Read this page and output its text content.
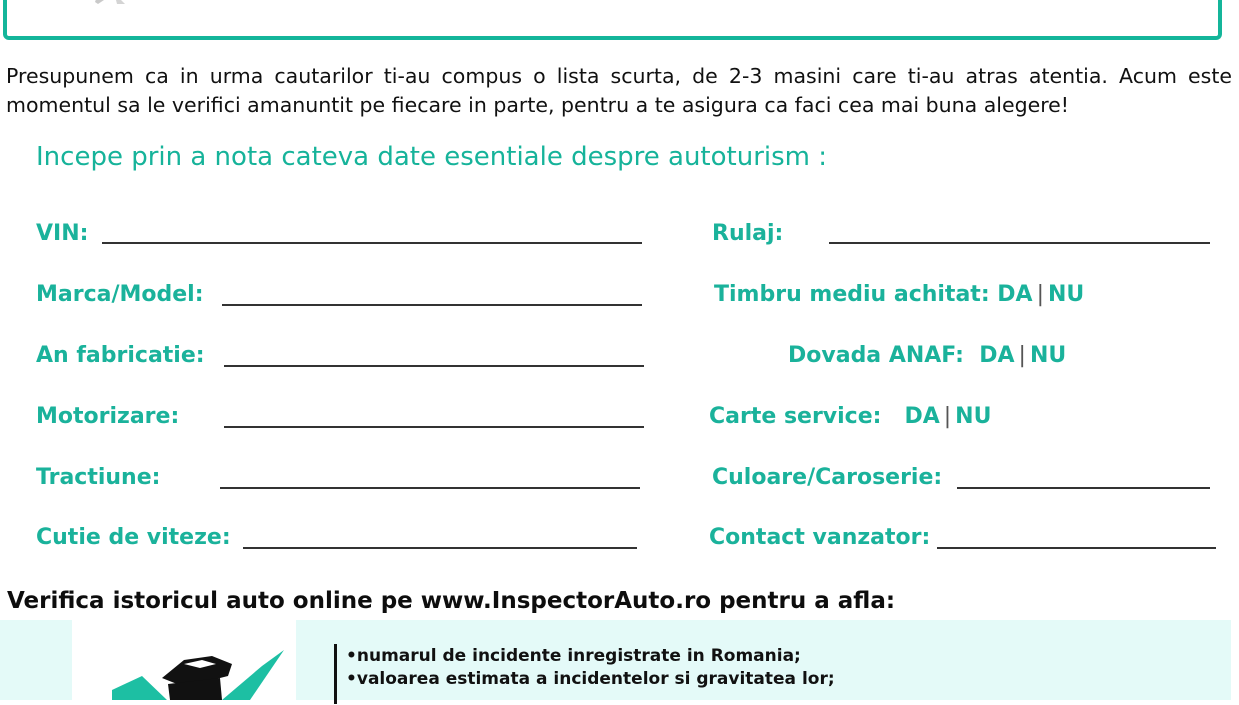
Presupunem ca in urma cautarilor ti-au compus o lista scurta, de 2-3 masini care ti-au atras atentia. Acum este momentul sa le verifici amanuntit pe fiecare in parte, pentru a te asigura ca faci cea mai buna alegere!

Incepe prin a nota cateva date esentiale despre autoturism :
VIN:
Marca/Model:
An fabricatie:
Motorizare:
Tractiune:
Cutie de viteze:
Rulaj:
Timbru mediu achitat: DA | NU
Dovada ANAF: DA | NU
Carte service: DA | NU
Culoare/Caroserie:
Contact vanzator:
Verifica istoricul auto online pe www.InspectorAuto.ro pentru a afla:
• numarul de incidente inregistrate in Romania;
• valoarea estimata a incidentelor si gravitatea lor;
